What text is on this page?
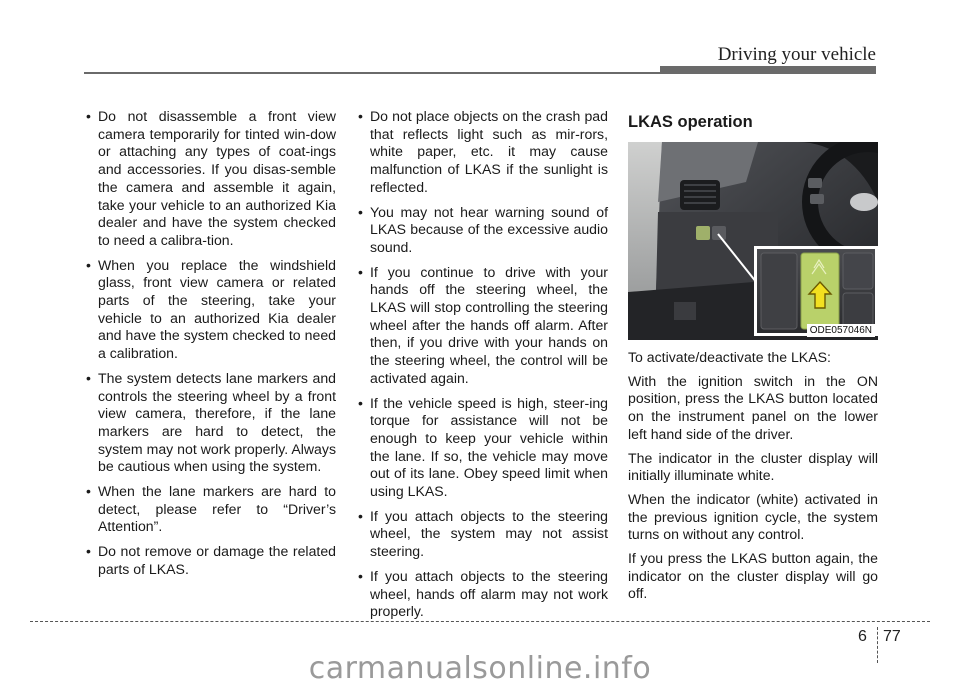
Driving your vehicle
• Do not disassemble a front view camera temporarily for tinted win-dow or attaching any types of coat-ings and accessories. If you disas-semble the camera and assemble it again, take your vehicle to an authorized Kia dealer and have the system checked to need a calibra-tion.
• When you replace the windshield glass, front view camera or related parts of the steering, take your vehicle to an authorized Kia dealer and have the system checked to need a calibration.
• The system detects lane markers and controls the steering wheel by a front view camera, therefore, if the lane markers are hard to detect, the system may not work properly. Always be cautious when using the system.
• When the lane markers are hard to detect, please refer to “Driver’s Attention”.
• Do not remove or damage the related parts of LKAS.
• Do not place objects on the crash pad that reflects light such as mir-rors, white paper, etc. it may cause malfunction of LKAS if the sunlight is reflected.
• You may not hear warning sound of LKAS because of the excessive audio sound.
• If you continue to drive with your hands off the steering wheel, the LKAS will stop controlling the steering wheel after the hands off alarm. After then, if you drive with your hands on the steering wheel, the control will be activated again.
• If the vehicle speed is high, steer-ing torque for assistance will not be enough to keep your vehicle within the lane. If so, the vehicle may move out of its lane. Obey speed limit when using LKAS.
• If you attach objects to the steering wheel, the system may not assist steering.
• If you attach objects to the steering wheel, hands off alarm may not work properly.
LKAS operation
ODE057046N

To activate/deactivate the LKAS:

With the ignition switch in the ON position, press the LKAS button located on the instrument panel on the lower left hand side of the driver.

The indicator in the cluster display will initially illuminate white.

When the indicator (white) activated in the previous ignition cycle, the system turns on without any control.

If you press the LKAS button again, the indicator on the cluster display will go off.

6 77
carmanualsonline.info
